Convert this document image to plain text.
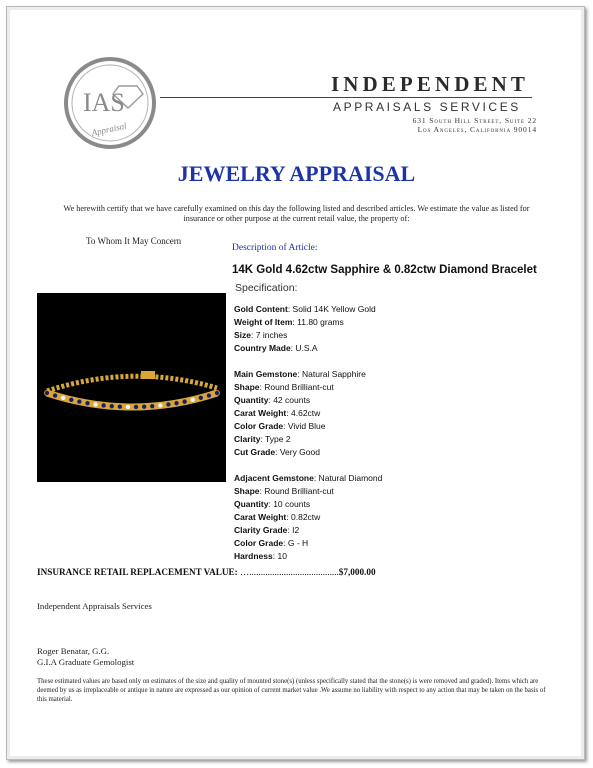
IAS
Appraisal
INDEPENDENT
APPRAISALS SERVICES
631 South Hill Street, Suite 22
Los Angeles, California 90014
JEWELRY APPRAISAL
We herewith certify that we have carefully examined on this day the following listed and described articles. We estimate the value as listed for
insurance or other purpose at the current retail value, the property of:
To Whom It May Concern
Description of Article:
14K Gold 4.62ctw Sapphire & 0.82ctw Diamond Bracelet
Specification:
Gold Content: Solid 14K Yellow Gold
Weight of Item: 11.80 grams
Size: 7 inches
Country Made: U.S.A
Main Gemstone: Natural Sapphire
Shape: Round Brilliant-cut
Quantity: 42 counts
Carat Weight: 4.62ctw
Color Grade: Vivid Blue
Clarity: Type 2
Cut Grade: Very Good
Adjacent Gemstone: Natural Diamond
Shape: Round Brilliant-cut
Quantity: 10 counts
Carat Weight: 0.82ctw
Clarity Grade: I2
Color Grade: G - H
Hardness: 10
INSURANCE RETAIL REPLACEMENT VALUE: ….......................................$7,000.00
Independent Appraisals Services
Roger Benatar, G.G.
G.I.A Graduate Gemologist
These estimated values are based only on estimates of the size and quality of mounted stone(s) (unless specifically stated that the stone(s) is were removed and graded). Items which are deemed by us as irreplaceable or antique in nature are expressed as our opinion of current market value .We assume no liability with respect to any action that may be taken on the basis of this material.
